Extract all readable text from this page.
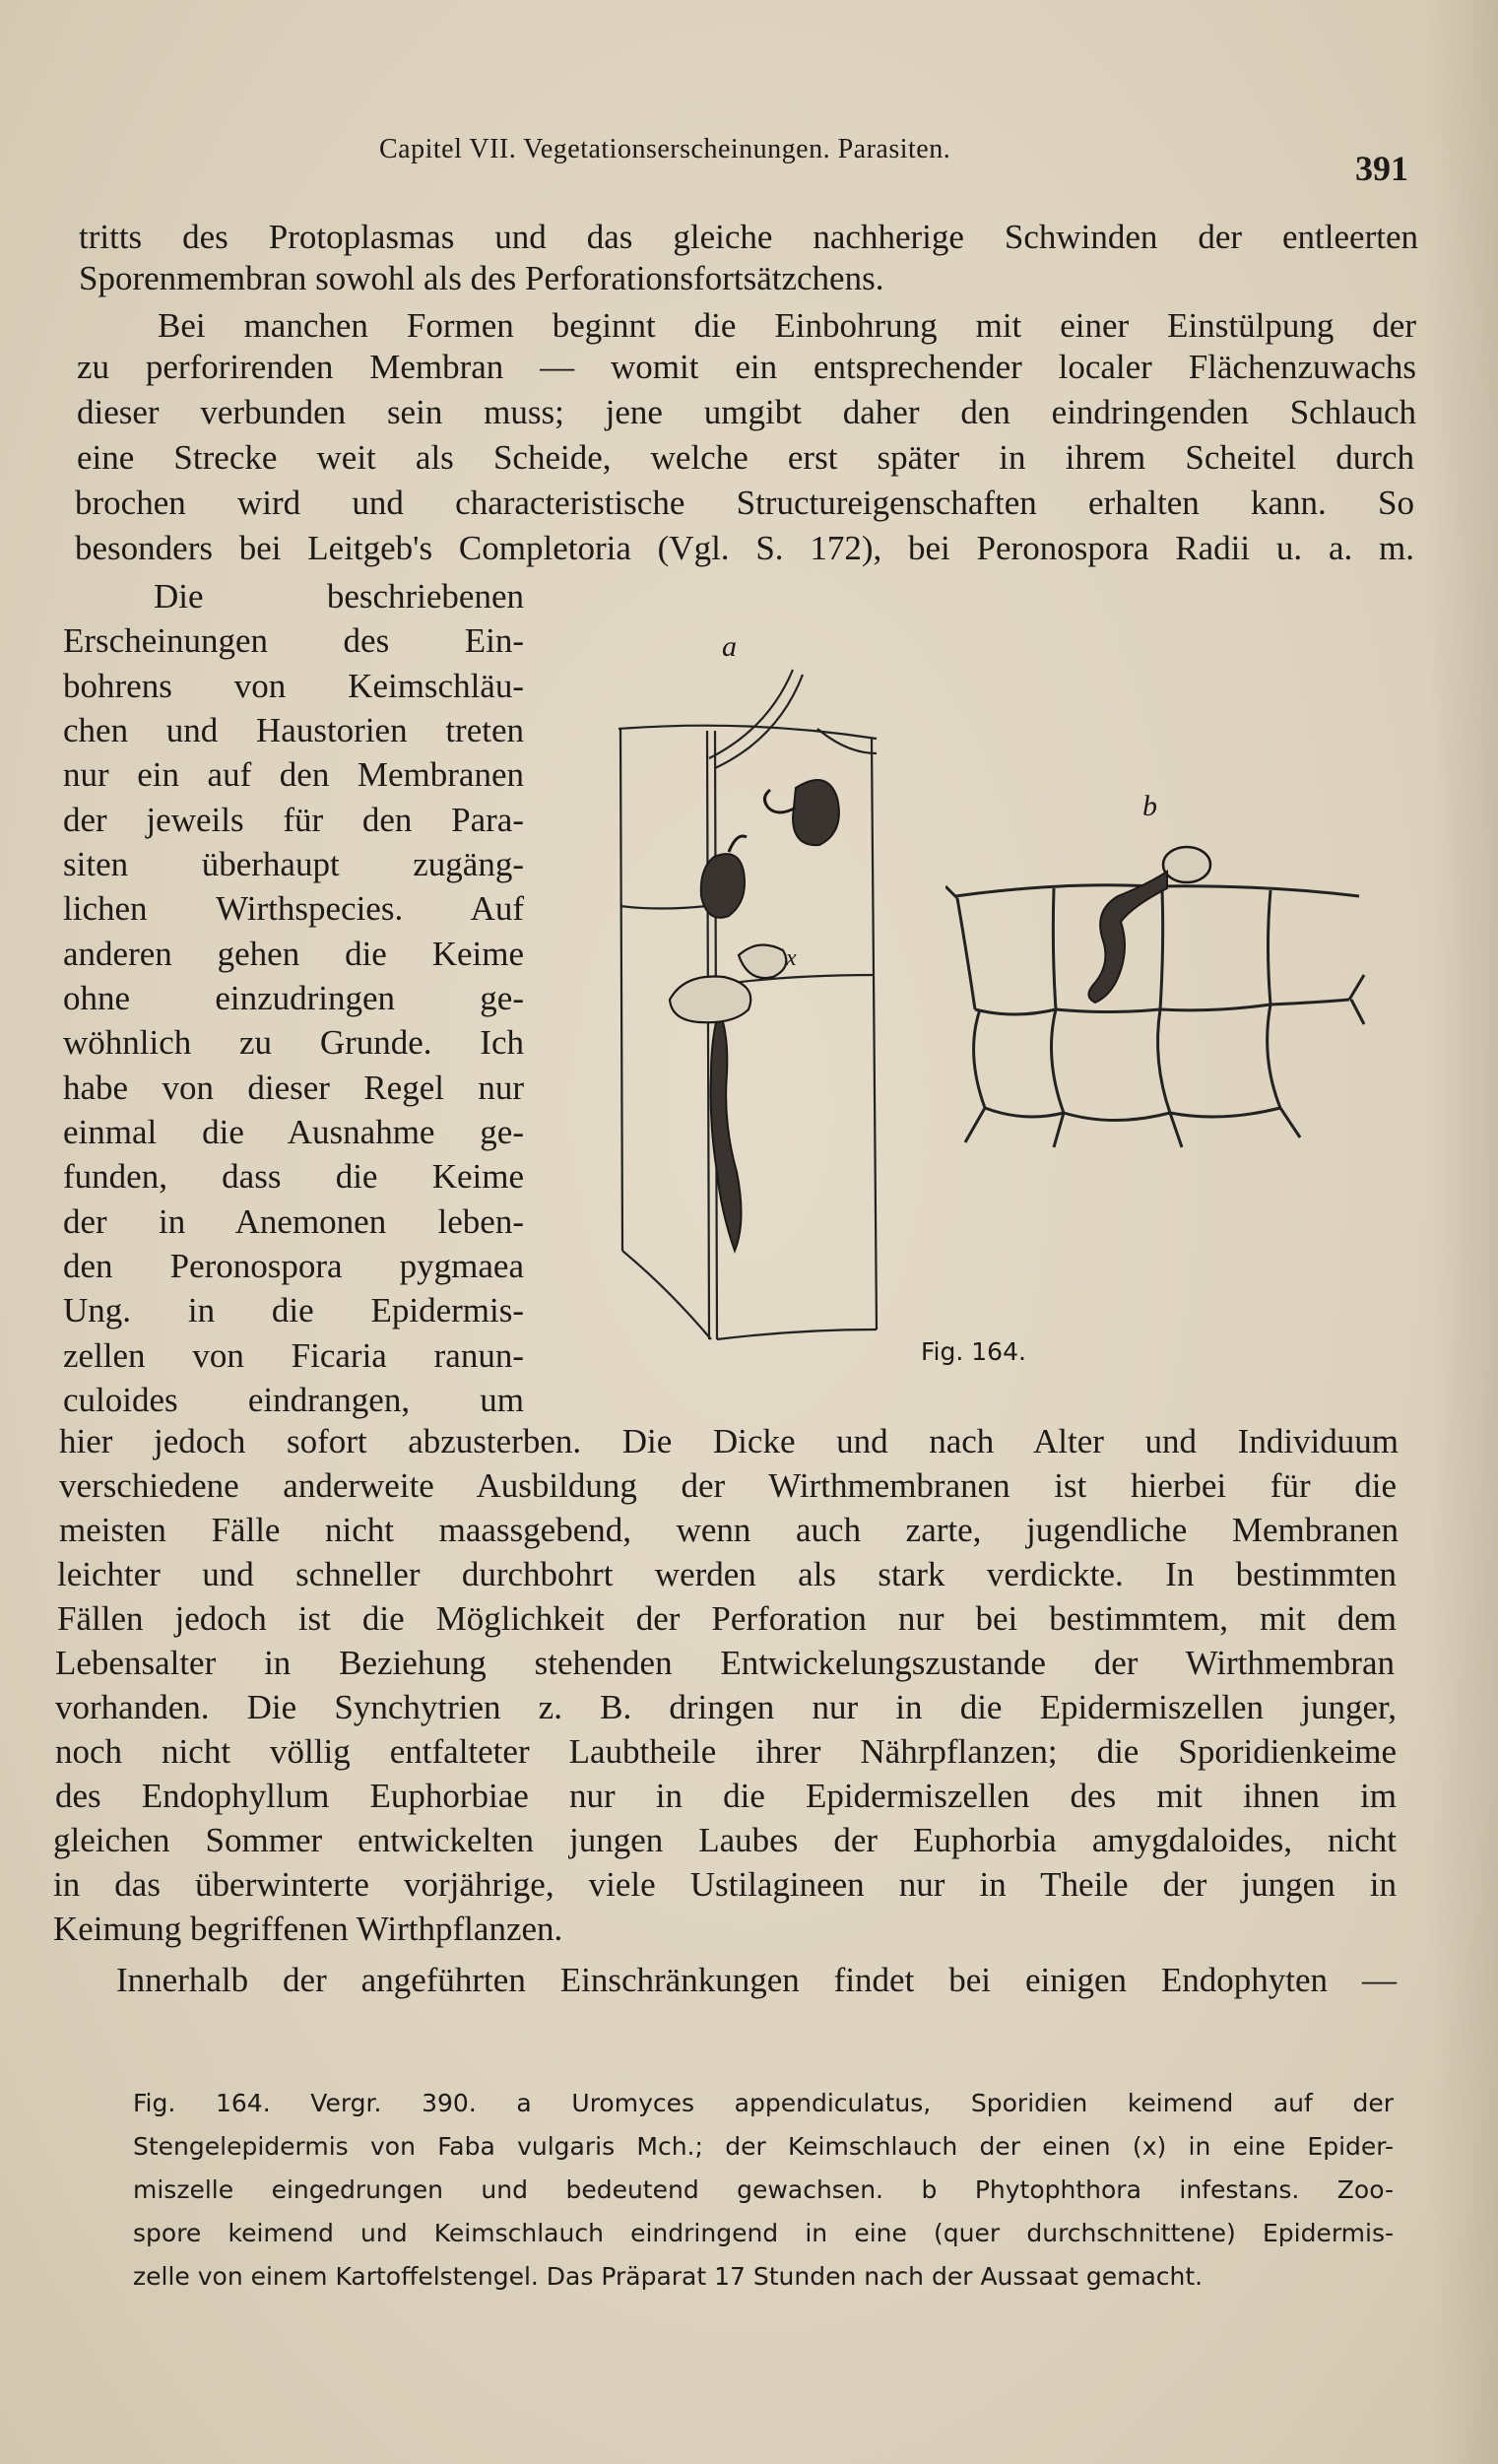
Capitel VII. Vegetationserscheinungen. Parasiten.	391
tritts des Protoplasmas und das gleiche nachherige Schwinden der entleerten
Sporenmembran sowohl als des Perforationsfortsätzchens.
Bei manchen Formen beginnt die Einbohrung mit einer Einstülpung der
zu perforirenden Membran — womit ein entsprechender localer Flächenzuwachs
dieser verbunden sein muss; jene umgibt daher den eindringenden Schlauch
eine Strecke weit als Scheide, welche erst später in ihrem Scheitel durch
brochen wird und characteristische Structureigenschaften erhalten kann. So
besonders bei Leitgeb's Completoria (Vgl. S. 172), bei Peronospora Radii u. a. m.
Die beschriebenen
Erscheinungen des Ein-
bohrens von Keimschläu-
chen und Haustorien treten
nur ein auf den Membranen
der jeweils für den Para-
siten überhaupt zugäng-
lichen Wirthspecies. Auf
anderen gehen die Keime
ohne einzudringen ge-
wöhnlich zu Grunde. Ich
habe von dieser Regel nur
einmal die Ausnahme ge-
funden, dass die Keime
der in Anemonen leben-
den Peronospora pygmaea
Ung. in die Epidermis-
zellen von Ficaria ranun-
culoides eindrangen, um
a
b
x
Fig. 164.
hier jedoch sofort abzusterben. Die Dicke und nach Alter und Individuum
verschiedene anderweite Ausbildung der Wirthmembranen ist hierbei für die
meisten Fälle nicht maassgebend, wenn auch zarte, jugendliche Membranen
leichter und schneller durchbohrt werden als stark verdickte. In bestimmten
Fällen jedoch ist die Möglichkeit der Perforation nur bei bestimmtem, mit dem
Lebensalter in Beziehung stehenden Entwickelungszustande der Wirthmembran
vorhanden. Die Synchytrien z. B. dringen nur in die Epidermiszellen junger,
noch nicht völlig entfalteter Laubtheile ihrer Nährpflanzen; die Sporidienkeime
des Endophyllum Euphorbiae nur in die Epidermiszellen des mit ihnen im
gleichen Sommer entwickelten jungen Laubes der Euphorbia amygdaloides, nicht
in das überwinterte vorjährige, viele Ustilagineen nur in Theile der jungen in
Keimung begriffenen Wirthpflanzen.
Innerhalb der angeführten Einschränkungen findet bei einigen Endophyten —
Fig. 164. Vergr. 390. a Uromyces appendiculatus, Sporidien keimend auf der
Stengelepidermis von Faba vulgaris Mch.; der Keimschlauch der einen (x) in eine Epider-
miszelle eingedrungen und bedeutend gewachsen. b Phytophthora infestans. Zoo-
spore keimend und Keimschlauch eindringend in eine (quer durchschnittene) Epidermis-
zelle von einem Kartoffelstengel. Das Präparat 17 Stunden nach der Aussaat gemacht.
